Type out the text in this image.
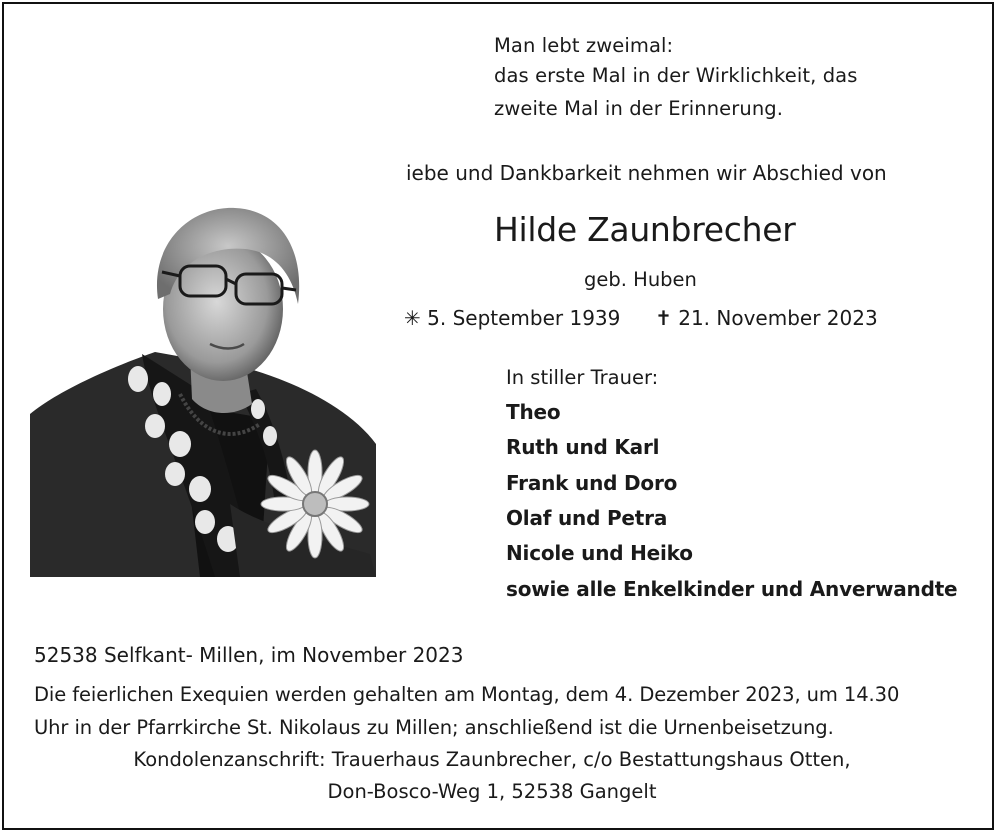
Man lebt zweimal:
das erste Mal in der Wirklichkeit, das
zweite Mal in der Erinnerung.
 iebe und Dankbarkeit nehmen wir Abschied von
Hilde Zaunbrecher
geb. Huben
✳ 5. September 1939 ✝ 21. November 2023
In stiller Trauer:
Theo
Ruth und Karl
Frank und Doro
Olaf und Petra
Nicole und Heiko
sowie alle Enkelkinder und Anverwandte
52538 Selfkant- Millen, im November 2023
Die feierlichen Exequien werden gehalten am Montag, dem 4. Dezember 2023, um 14.30
Uhr in der Pfarrkirche St. Nikolaus zu Millen; anschließend ist die Urnenbeisetzung.
Kondolenzanschrift: Trauerhaus Zaunbrecher, c/o Bestattungshaus Otten,
Don-Bosco-Weg 1, 52538 Gangelt
